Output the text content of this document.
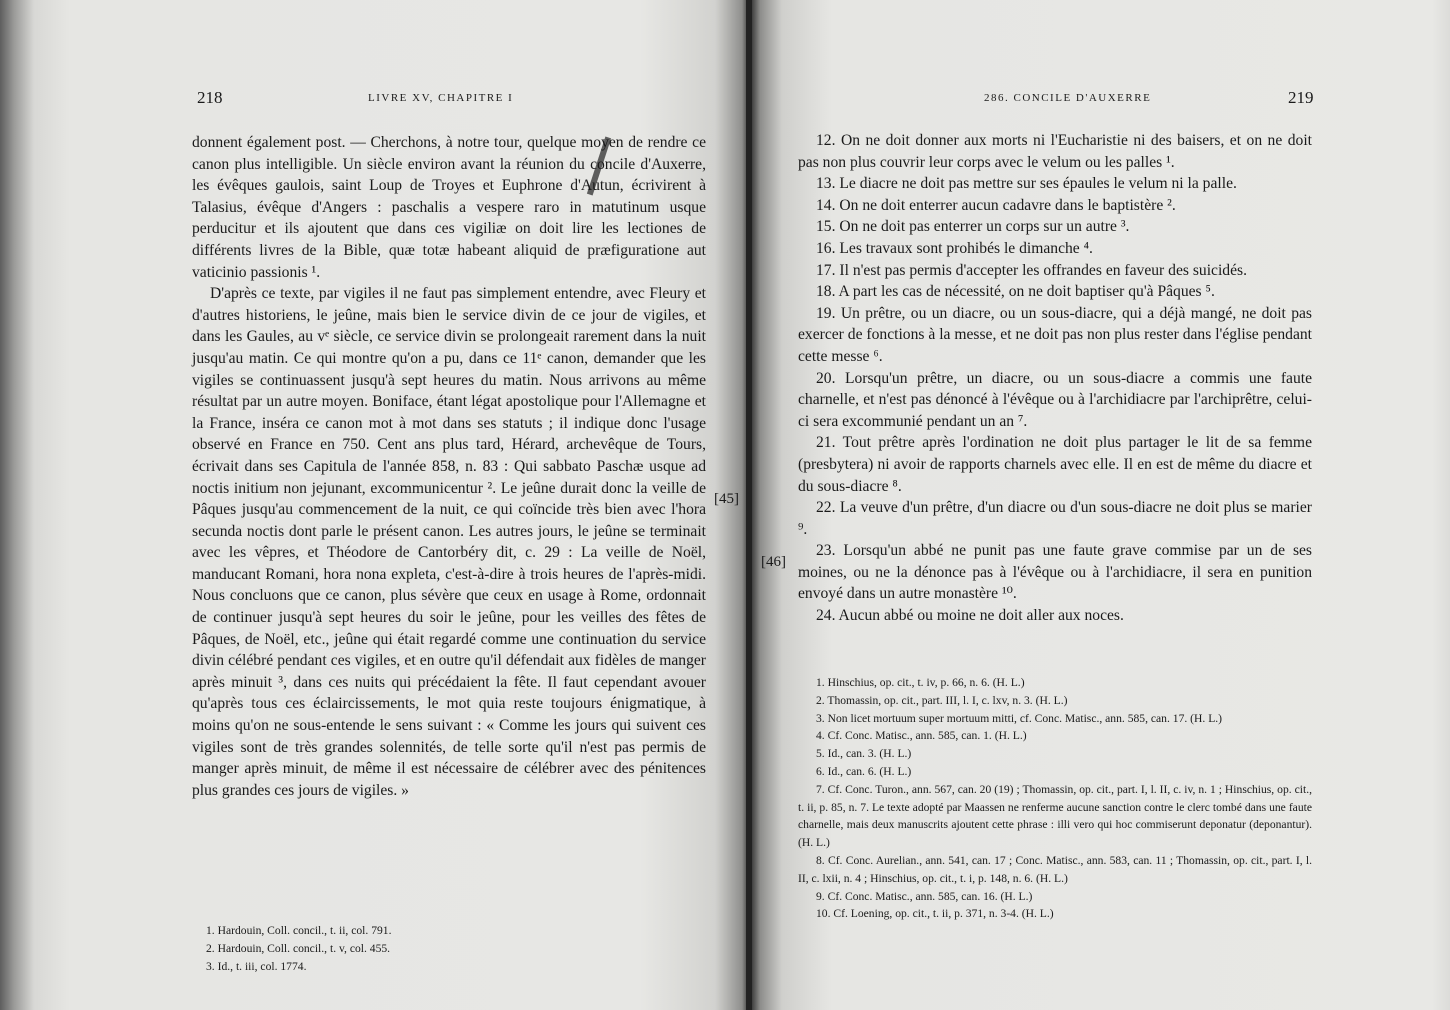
218	LIVRE XV, CHAPITRE I

donnent également post. — Cherchons, à notre tour, quelque moyen de rendre ce canon plus intelligible. Un siècle environ avant la réunion du concile d'Auxerre, les évêques gaulois, saint Loup de Troyes et Euphrone d'Autun, écrivirent à Talasius, évêque d'Angers : paschalis a vespere raro in matutinum usque perducitur et ils ajoutent que dans ces vigiliæ on doit lire les lectiones de différents livres de la Bible, quæ totæ habeant aliquid de præfiguratione aut vaticinio passionis ¹.

D'après ce texte, par vigiles il ne faut pas simplement entendre, avec Fleury et d'autres historiens, le jeûne, mais bien le service divin de ce jour de vigiles, et dans les Gaules, au vᵉ siècle, ce service divin se prolongeait rarement dans la nuit jusqu'au matin. Ce qui montre qu'on a pu, dans ce 11ᵉ canon, demander que les vigiles se continuassent jusqu'à sept heures du matin. Nous arrivons au même résultat par un autre moyen. Boniface, étant légat apostolique pour l'Allemagne et la France, inséra ce canon mot à mot dans ses statuts ; il indique donc l'usage observé en France en 750. Cent ans plus tard, Hérard, archevêque de Tours, écrivait dans ses Capitula de l'année 858, n. 83 : Qui sabbato Paschæ usque ad noctis initium non jejunant, excommunicentur ². Le jeûne durait donc la veille de Pâques jusqu'au commencement de la nuit, ce qui coïncide très bien avec l'hora secunda noctis dont parle le présent canon. Les autres jours, le jeûne se terminait avec les vêpres, et Théodore de Cantorbéry dit, c. 29 : La veille de Noël, manducant Romani, hora nona expleta, c'est-à-dire à trois heures de l'après-midi. Nous concluons que ce canon, plus sévère que ceux en usage à Rome, ordonnait de continuer jusqu'à sept heures du soir le jeûne, pour les veilles des fêtes de Pâques, de Noël, etc., jeûne qui était regardé comme une continuation du service divin célébré pendant ces vigiles, et en outre qu'il défendait aux fidèles de manger après minuit ³, dans ces nuits qui précédaient la fête. Il faut cependant avouer qu'après tous ces éclaircissements, le mot quia reste toujours énigmatique, à moins qu'on ne sous-entende le sens suivant : « Comme les jours qui suivent ces vigiles sont de très grandes solennités, de telle sorte qu'il n'est pas permis de manger après minuit, de même il est nécessaire de célébrer avec des pénitences plus grandes ces jours de vigiles. »

1. Hardouin, Coll. concil., t. ii, col. 791.

2. Hardouin, Coll. concil., t. v, col. 455.

3. Id., t. iii, col. 1774.

286. CONCILE D'AUXERRE	219
[46]

12. On ne doit donner aux morts ni l'Eucharistie ni des baisers, et on ne doit pas non plus couvrir leur corps avec le velum ou les palles ¹.

13. Le diacre ne doit pas mettre sur ses épaules le velum ni la palle.

14. On ne doit enterrer aucun cadavre dans le baptistère ².

15. On ne doit pas enterrer un corps sur un autre ³.

16. Les travaux sont prohibés le dimanche ⁴.

17. Il n'est pas permis d'accepter les offrandes en faveur des suicidés.

18. A part les cas de nécessité, on ne doit baptiser qu'à Pâques ⁵.

19. Un prêtre, ou un diacre, ou un sous-diacre, qui a déjà mangé, ne doit pas exercer de fonctions à la messe, et ne doit pas non plus rester dans l'église pendant cette messe ⁶.

20. Lorsqu'un prêtre, un diacre, ou un sous-diacre a commis une faute charnelle, et n'est pas dénoncé à l'évêque ou à l'archidiacre par l'archiprêtre, celui-ci sera excommunié pendant un an ⁷.

21. Tout prêtre après l'ordination ne doit plus partager le lit de sa femme (presbytera) ni avoir de rapports charnels avec elle. Il en est de même du diacre et du sous-diacre ⁸.

22. La veuve d'un prêtre, d'un diacre ou d'un sous-diacre ne doit plus se marier ⁹.

23. Lorsqu'un abbé ne punit pas une faute grave commise par un de ses moines, ou ne la dénonce pas à l'évêque ou à l'archidiacre, il sera en punition envoyé dans un autre monastère ¹⁰.

24. Aucun abbé ou moine ne doit aller aux noces.

1. Hinschius, op. cit., t. iv, p. 66, n. 6. (H. L.)

2. Thomassin, op. cit., part. III, l. I, c. lxv, n. 3. (H. L.)

3. Non licet mortuum super mortuum mitti, cf. Conc. Matisc., ann. 585, can. 17. (H. L.)

4. Cf. Conc. Matisc., ann. 585, can. 1. (H. L.)

5. Id., can. 3. (H. L.)

6. Id., can. 6. (H. L.)

7. Cf. Conc. Turon., ann. 567, can. 20 (19) ; Thomassin, op. cit., part. I, l. II, c. iv, n. 1 ; Hinschius, op. cit., t. ii, p. 85, n. 7. Le texte adopté par Maassen ne renferme aucune sanction contre le clerc tombé dans une faute charnelle, mais deux manuscrits ajoutent cette phrase : illi vero qui hoc commiserunt deponatur (deponantur). (H. L.)

8. Cf. Conc. Aurelian., ann. 541, can. 17 ; Conc. Matisc., ann. 583, can. 11 ; Thomassin, op. cit., part. I, l. II, c. lxii, n. 4 ; Hinschius, op. cit., t. i, p. 148, n. 6. (H. L.)

9. Cf. Conc. Matisc., ann. 585, can. 16. (H. L.)

10. Cf. Loening, op. cit., t. ii, p. 371, n. 3-4. (H. L.)

[45]
